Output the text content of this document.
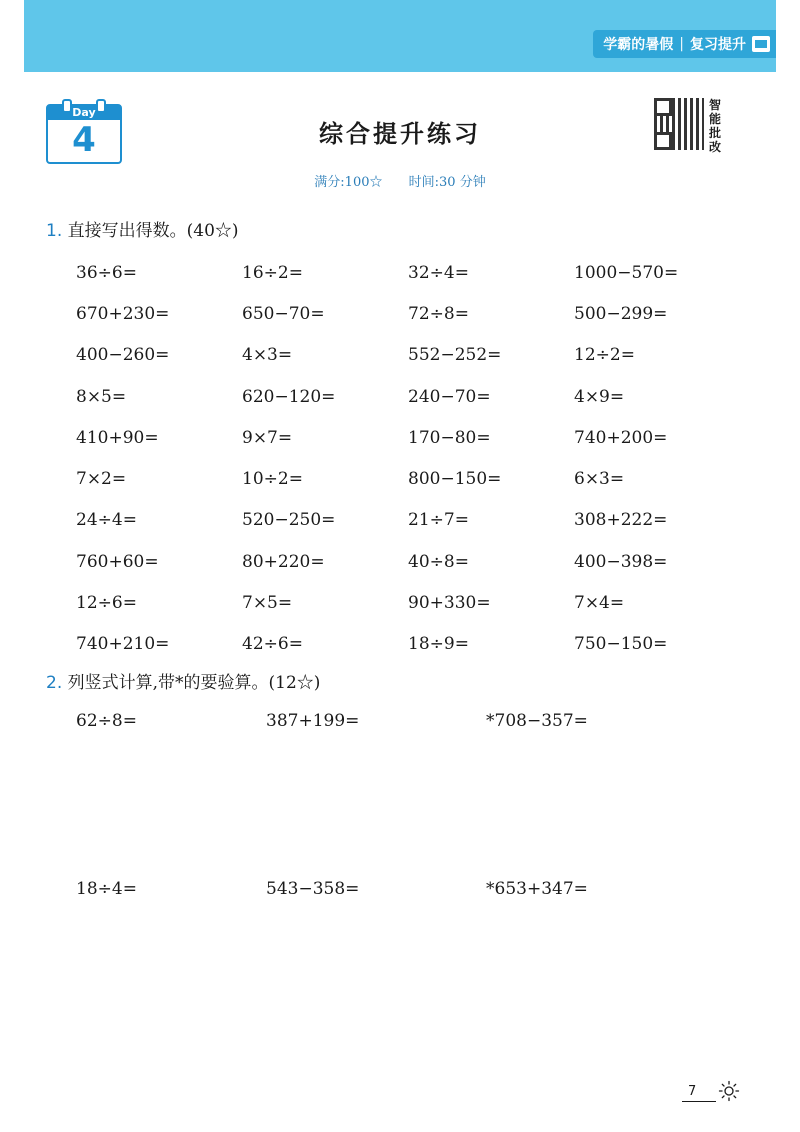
学霸的暑假 | 复习提升
Day
4	综合提升练习
智能批改
满分:100☆ 时间:30 分钟
1. 直接写出得数。(40☆)
36÷6=	16÷2=	32÷4=	1000−570=
670+230=	650−70=	72÷8=	500−299=
400−260=	4×3=	552−252=	12÷2=
8×5=	620−120=	240−70=	4×9=
410+90=	9×7=	170−80=	740+200=
7×2=	10÷2=	800−150=	6×3=
24÷4=	520−250=	21÷7=	308+222=
760+60=	80+220=	40÷8=	400−398=
12÷6=	7×5=	90+330=	7×4=
740+210=	42÷6=	18÷9=	750−150=
2. 列竖式计算,带*的要验算。(12☆)
62÷8=	387+199=	*708−357=
18÷4=	543−358=	*653+347=
7
